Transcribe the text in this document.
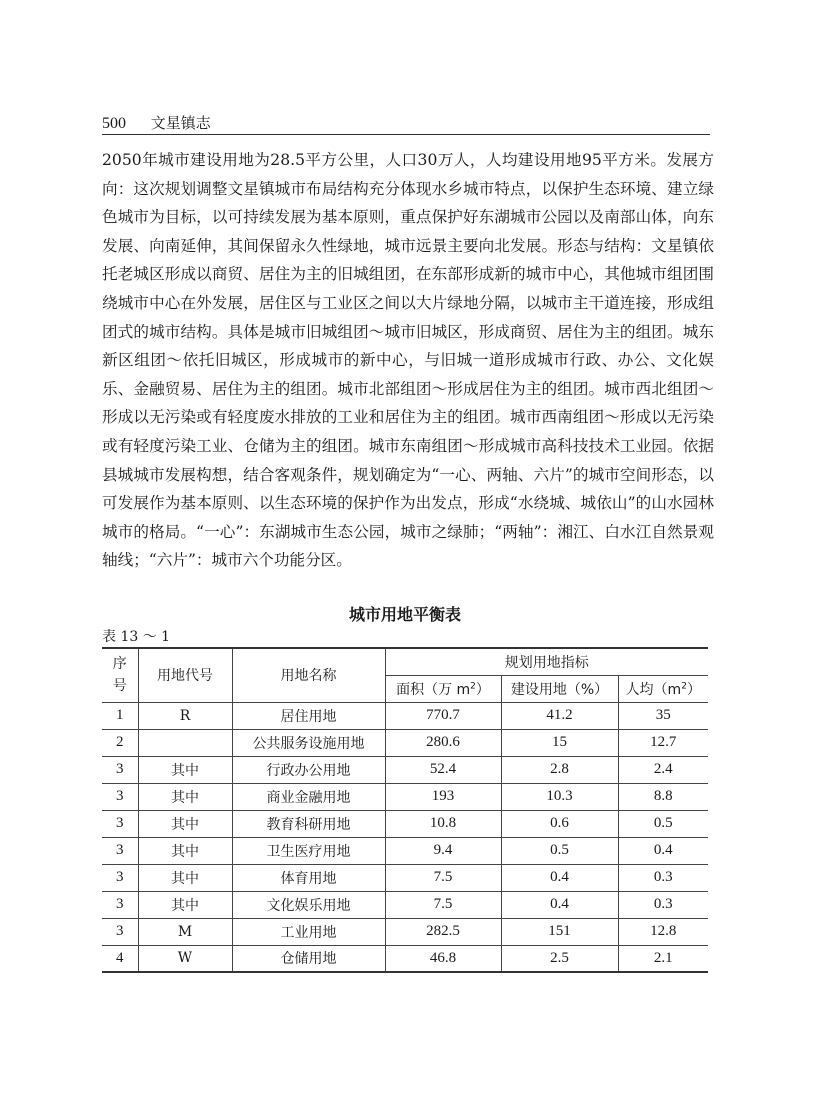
500 文星镇志

2050年城市建设用地为28.5平方公里，人口30万人，人均建设用地95平方米。发展方向：这次规划调整文星镇城市布局结构充分体现水乡城市特点，以保护生态环境、建立绿色城市为目标，以可持续发展为基本原则，重点保护好东湖城市公园以及南部山体，向东发展、向南延伸，其间保留永久性绿地，城市远景主要向北发展。形态与结构：文星镇依托老城区形成以商贸、居住为主的旧城组团，在东部形成新的城市中心，其他城市组团围绕城市中心在外发展，居住区与工业区之间以大片绿地分隔，以城市主干道连接，形成组团式的城市结构。具体是城市旧城组团～城市旧城区，形成商贸、居住为主的组团。城东新区组团～依托旧城区，形成城市的新中心，与旧城一道形成城市行政、办公、文化娱乐、金融贸易、居住为主的组团。城市北部组团～形成居住为主的组团。城市西北组团～形成以无污染或有轻度废水排放的工业和居住为主的组团。城市西南组团～形成以无污染或有轻度污染工业、仓储为主的组团。城市东南组团～形成城市高科技技术工业园。依据县城城市发展构想，结合客观条件，规划确定为“一心、两轴、六片”的城市空间形态，以可发展作为基本原则、以生态环境的保护作为出发点，形成“水绕城、城依山”的山水园林城市的格局。“一心”：东湖城市生态公园，城市之绿肺；“两轴”：湘江、白水江自然景观轴线；“六片”：城市六个功能分区。

城市用地平衡表
表 13 ～ 1
序
号	用地代号	用地名称	规划用地指标		
			面积（万 $m^2$）	建设用地（%）	人均$(m^2)$
1	R	居住用地	770.7	41.2	35
2		公共服务设施用地	280.6	15	12.7
3	其中	行政办公用地	52.4	2.8	2.4
3	其中	商业金融用地	193	10.3	8.8
3	其中	教育科研用地	10.8	0.6	0.5
3	其中	卫生医疗用地	9.4	0.5	0.4
3	其中	体育用地	7.5	0.4	0.3
3	其中	文化娱乐用地	7.5	0.4	0.3
3	M	工业用地	282.5	151	12.8
4	W	仓储用地	46.8	2.5	2.1
